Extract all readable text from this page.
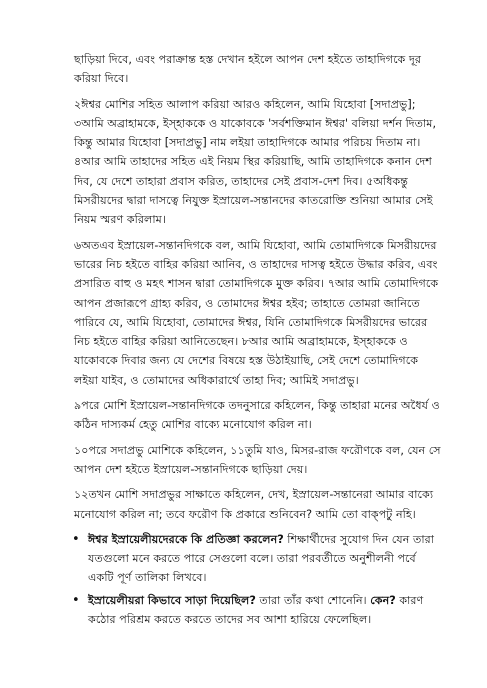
ছাড়িয়া দিবে, এবং পরাক্রান্ত হস্ত দেখান হইলে আপন দেশ হইতে তাহাদিগকে দূর করিয়া দিবে।

২ঈশ্বর মোশির সহিত আলাপ করিয়া আরও কহিলেন, আমি যিহোবা [সদাপ্রভু]; ৩আমি অব্রাহামকে, ইস্‌হাককে ও যাকোবকে 'সর্বশক্তিমান ঈশ্বর' বলিয়া দর্শন দিতাম, কিন্তু আমার যিহোবা [সদাপ্রভু] নাম লইয়া তাহাদিগকে আমার পরিচয় দিতাম না। ৪আর আমি তাহাদের সহিত এই নিয়ম স্থির করিয়াছি, আমি তাহাদিগকে কনান দেশ দিব, যে দেশে তাহারা প্রবাস করিত, তাহাদের সেই প্রবাস-দেশ দিব। ৫অধিকন্তু মিসরীয়দের দ্বারা দাসত্বে নিযুক্ত ইস্রায়েল-সন্তানদের কাতরোক্তি শুনিয়া আমার সেই নিয়ম স্মরণ করিলাম।

৬অতএব ইস্রায়েল-সন্তানদিগকে বল, আমি যিহোবা, আমি তোমাদিগকে মিসরীয়দের ভারের নিচ হইতে বাহির করিয়া আনিব, ও তাহাদের দাসত্ব হইতে উদ্ধার করিব, এবং প্রসারিত বাহু ও মহৎ শাসন দ্বারা তোমাদিগকে মুক্ত করিব। ৭আর আমি তোমাদিগকে আপন প্রজারূপে গ্রাহ্য করিব, ও তোমাদের ঈশ্বর হইব; তাহাতে তোমরা জানিতে পারিবে যে, আমি যিহোবা, তোমাদের ঈশ্বর, যিনি তোমাদিগকে মিসরীয়দের ভারের নিচ হইতে বাহির করিয়া আনিতেছেন। ৮আর আমি অব্রাহামকে, ইস্‌হাককে ও যাকোবকে দিবার জন্য যে দেশের বিষয়ে হস্ত উঠাইয়াছি, সেই দেশে তোমাদিগকে লইয়া যাইব, ও তোমাদের অধিকারার্থে তাহা দিব; আমিই সদাপ্রভু।

৯পরে মোশি ইস্রায়েল-সন্তানদিগকে তদনুসারে কহিলেন, কিন্তু তাহারা মনের অধৈর্য ও কঠিন দাস্যকর্ম হেতু মোশির বাক্যে মনোযোগ করিল না।

১০পরে সদাপ্রভু মোশিকে কহিলেন, ১১তুমি যাও, মিসর-রাজ ফরৌণকে বল, যেন সে আপন দেশ হইতে ইস্রায়েল-সন্তানদিগকে ছাড়িয়া দেয়।

১২তখন মোশি সদাপ্রভুর সাক্ষাতে কহিলেন, দেখ, ইস্রায়েল-সন্তানেরা আমার বাক্যে মনোযোগ করিল না; তবে ফরৌণ কি প্রকারে শুনিবেন? আমি তো বাক্পটু নহি।

• ঈশ্বর ইস্রায়েলীয়দেরকে কি প্রতিজ্ঞা করলেন? শিক্ষার্থীদের সুযোগ দিন যেন তারা যতগুলো মনে করতে পারে সেগুলো বলে। তারা পরবর্তীতে অনুশীলনী পর্বে একটি পূর্ণ তালিকা লিখবে।
• ইস্রায়েলীয়রা কিভাবে সাড়া দিয়েছিল? তারা তাঁর কথা শোনেনি। কেন? কারণ কঠোর পরিশ্রম করতে করতে তাদের সব আশা হারিয়ে ফেলেছিল।
